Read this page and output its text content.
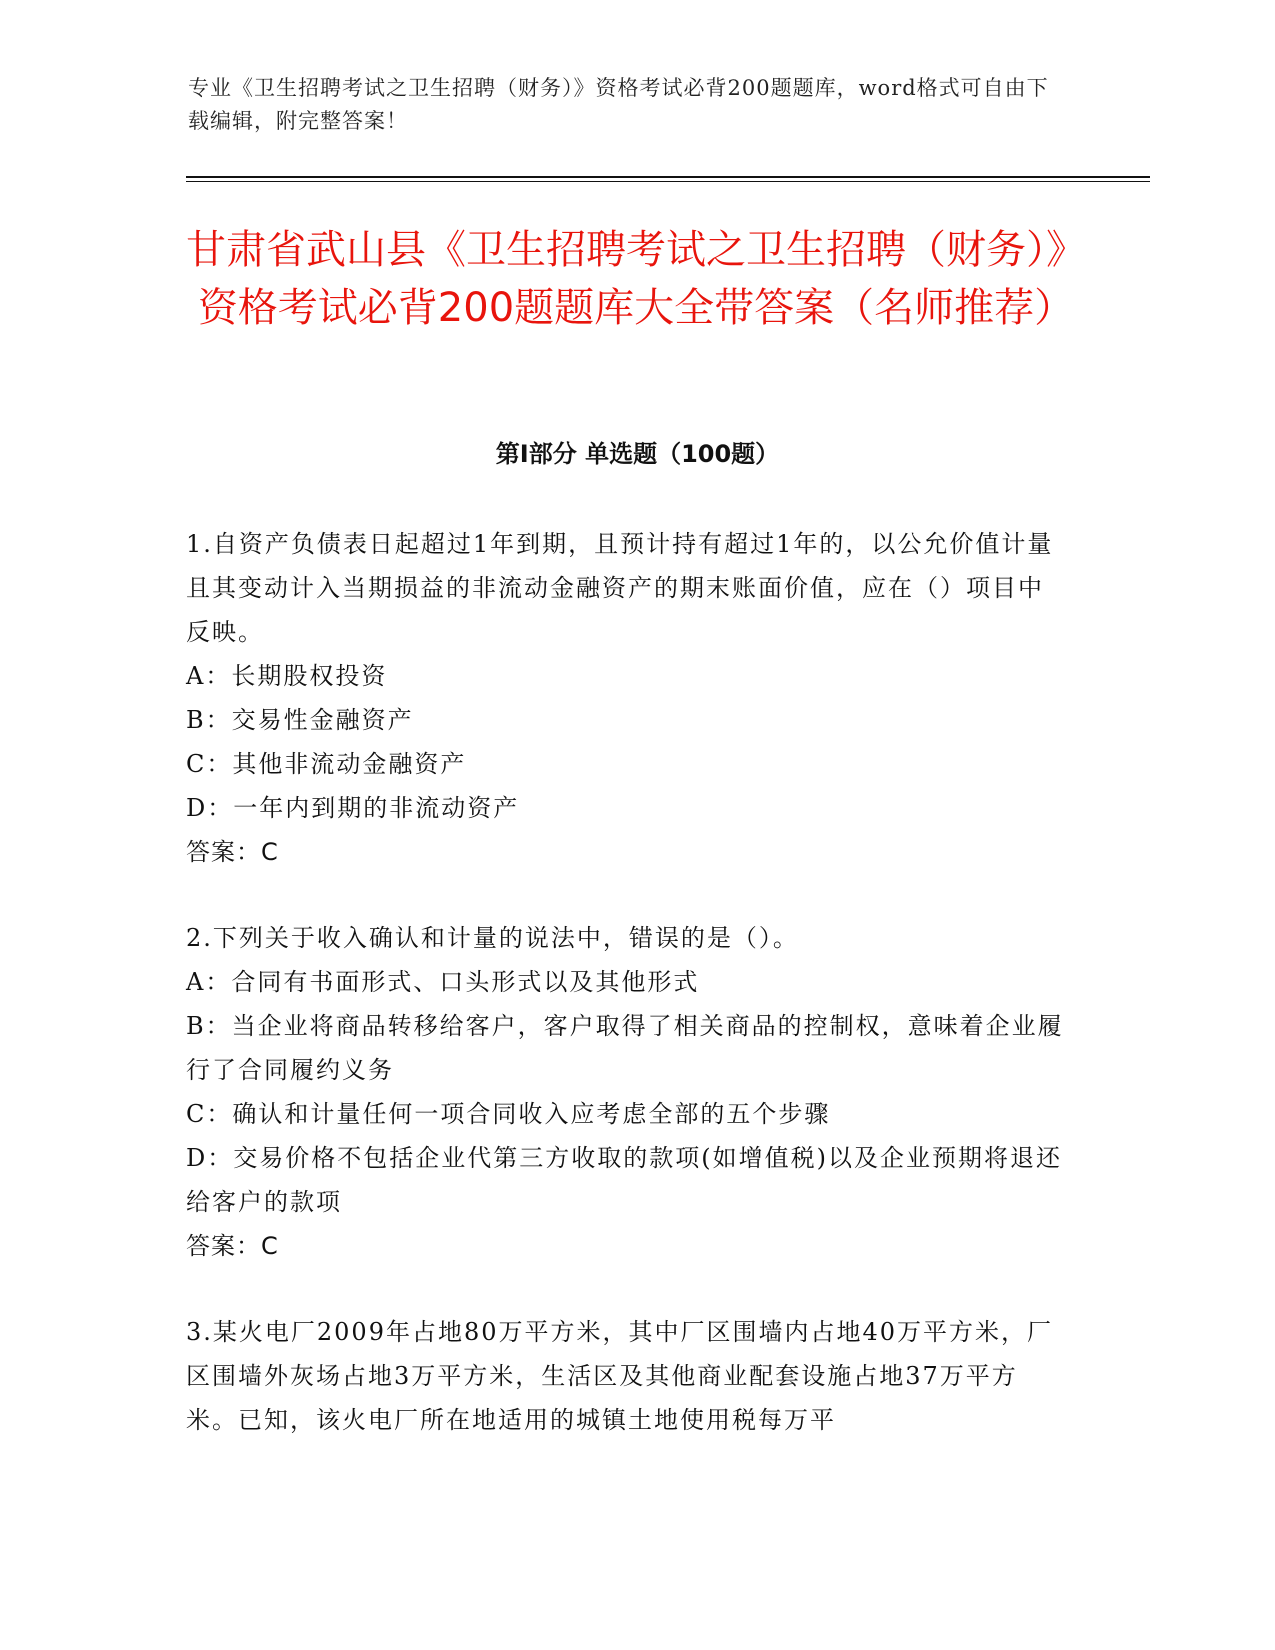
专业《卫生招聘考试之卫生招聘（财务）》资格考试必背200题题库，word格式可自由下载编辑，附完整答案！
甘肃省武山县《卫生招聘考试之卫生招聘（财务）》资格考试必背200题题库大全带答案（名师推荐）
第Ⅰ部分 单选题（100题）

1.自资产负债表日起超过1年到期，且预计持有超过1年的，以公允价值计量且其变动计入当期损益的非流动金融资产的期末账面价值，应在（）项目中反映。

A：长期股权投资

B：交易性金融资产

C：其他非流动金融资产

D：一年内到期的非流动资产

答案：C

2.下列关于收入确认和计量的说法中，错误的是（）。

A：合同有书面形式、口头形式以及其他形式

B：当企业将商品转移给客户，客户取得了相关商品的控制权，意味着企业履行了合同履约义务

C：确认和计量任何一项合同收入应考虑全部的五个步骤

D：交易价格不包括企业代第三方收取的款项(如增值税)以及企业预期将退还给客户的款项

答案：C

3.某火电厂2009年占地80万平方米，其中厂区围墙内占地40万平方米，厂区围墙外灰场占地3万平方米，生活区及其他商业配套设施占地37万平方米。已知，该火电厂所在地适用的城镇土地使用税每万平
